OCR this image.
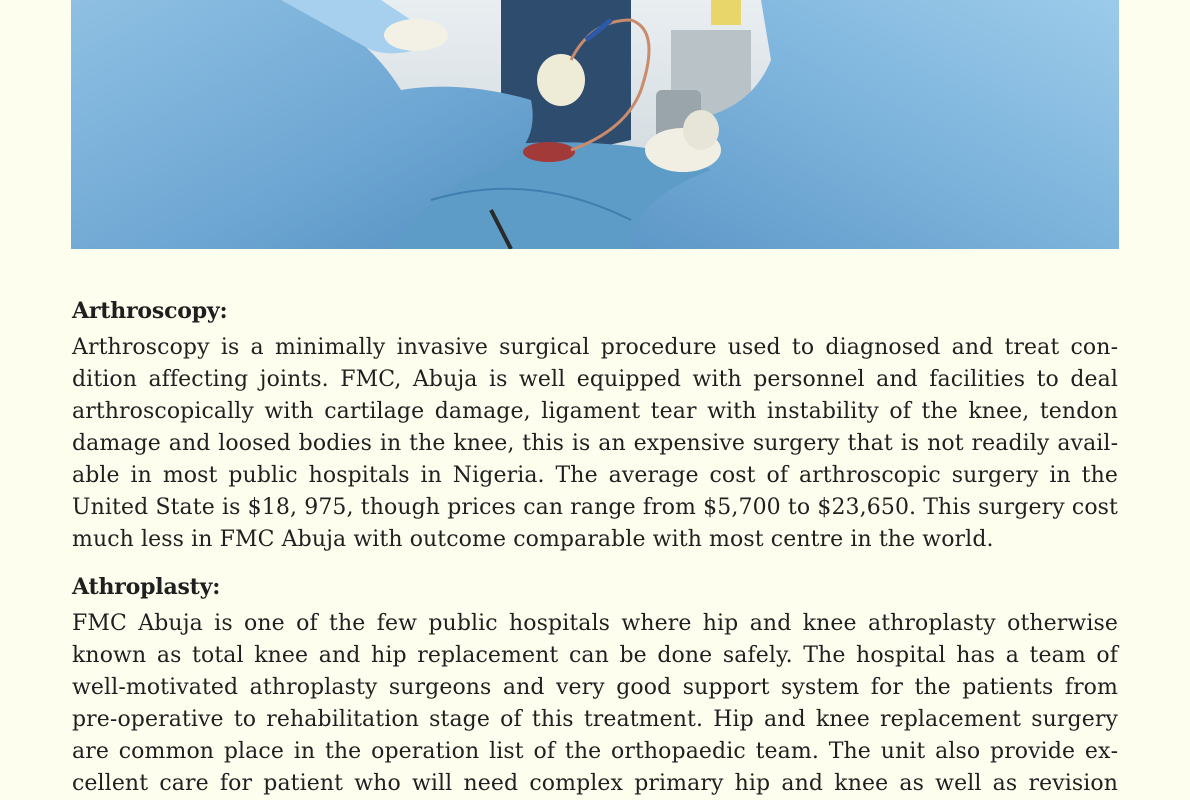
Arthroscopy:

Arthroscopy is a minimally invasive surgical procedure used to diagnosed and treat condition affecting joints. FMC, Abuja is well equipped with personnel and facilities to deal arthroscopically with cartilage damage, ligament tear with instability of the knee, tendon damage and loosed bodies in the knee, this is an expensive surgery that is not readily available in most public hospitals in Nigeria. The average cost of arthroscopic surgery in the United State is $18, 975, though prices can range from $5,700 to $23,650. This surgery cost much less in FMC Abuja with outcome comparable with most centre in the world.

Athroplasty:

FMC Abuja is one of the few public hospitals where hip and knee athroplasty otherwise known as total knee and hip replacement can be done safely. The hospital has a team of well-motivated athroplasty surgeons and very good support system for the patients from pre-operative to rehabilitation stage of this treatment. Hip and knee replacement surgery are common place in the operation list of the orthopaedic team. The unit also provide excellent care for patient who will need complex primary hip and knee as well as revision
